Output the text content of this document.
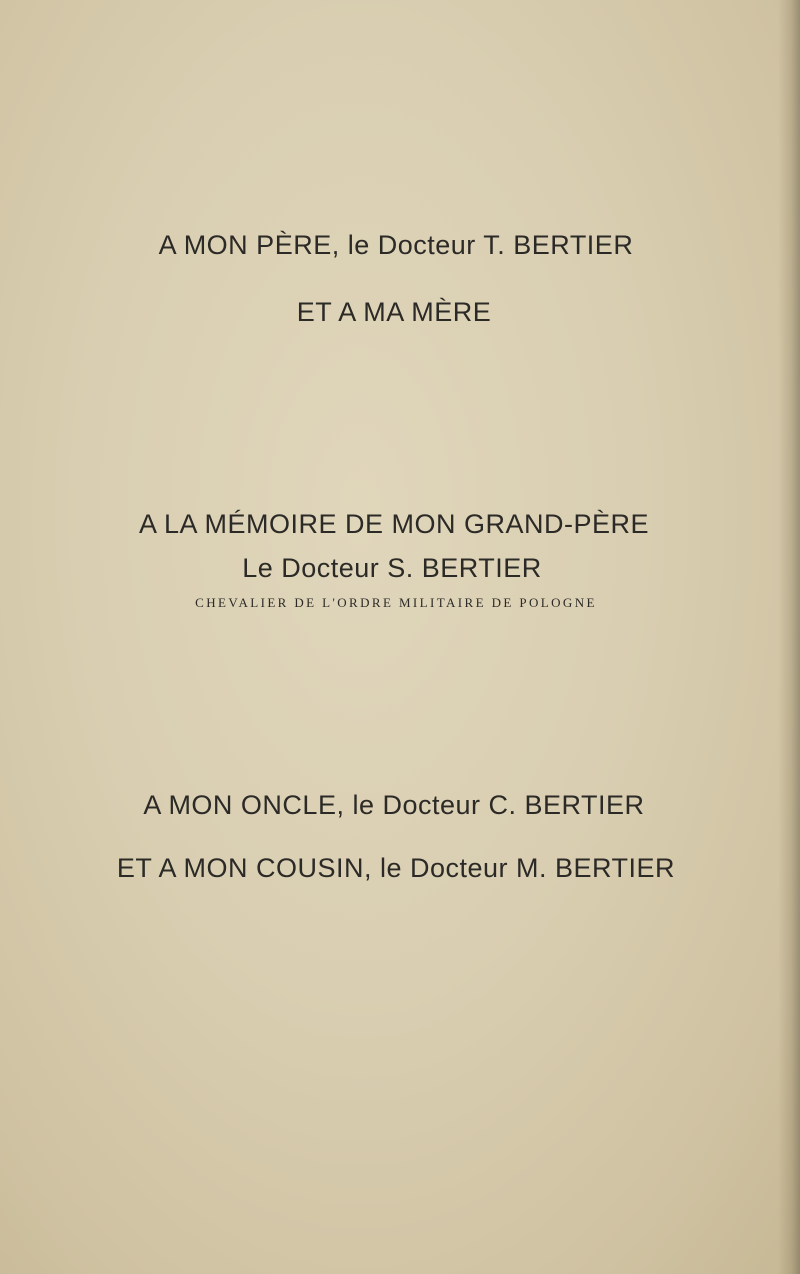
A MON PÈRE, le Docteur T. BERTIER
ET A MA MÈRE
A LA MÉMOIRE DE MON GRAND-PÈRE
Le Docteur S. BERTIER
CHEVALIER DE L'ORDRE MILITAIRE DE POLOGNE
A MON ONCLE, le Docteur C. BERTIER
ET A MON COUSIN, le Docteur M. BERTIER
